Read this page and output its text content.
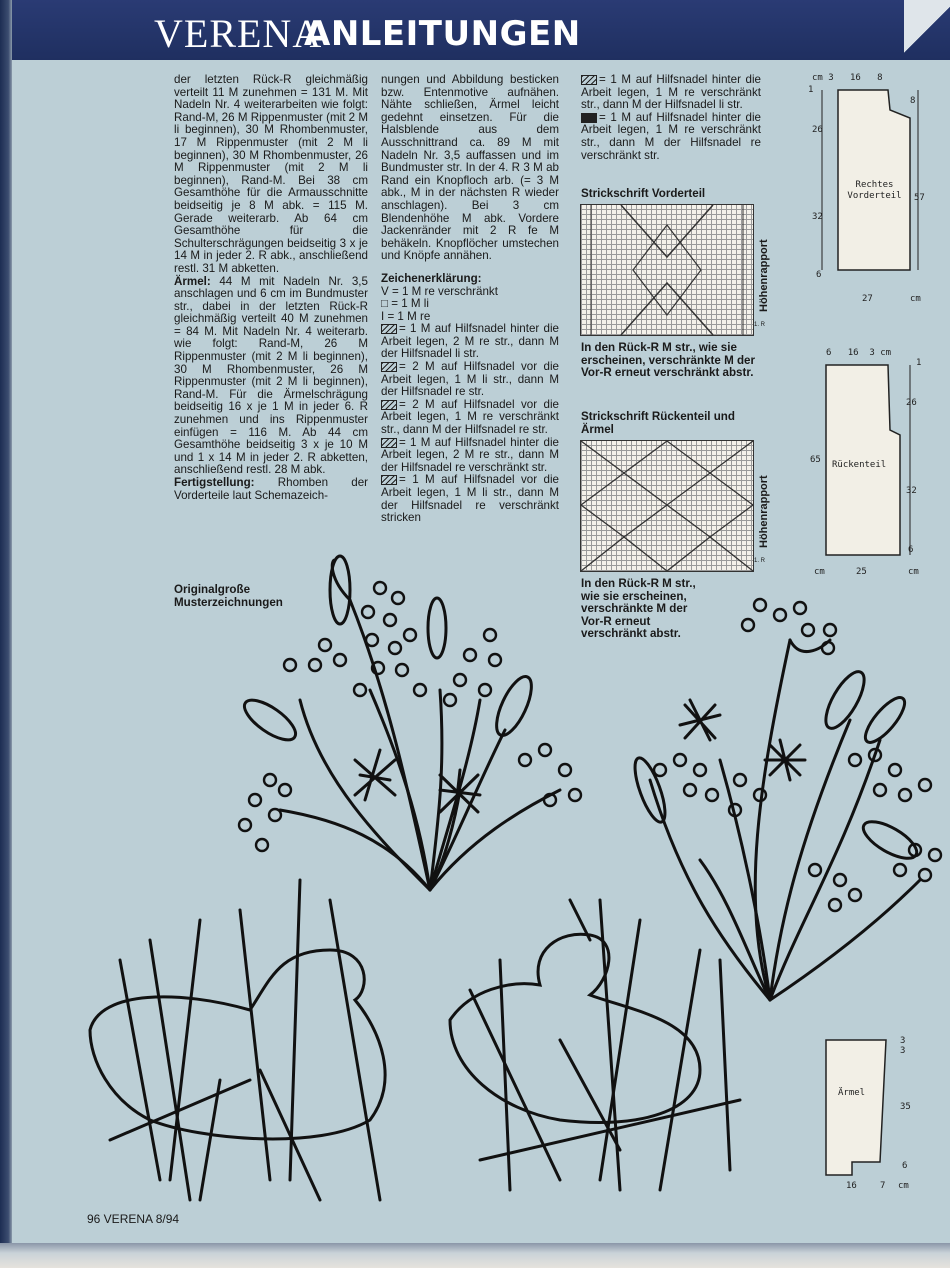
VERENA
ANLEITUNGEN

der letzten Rück-R gleichmäßig verteilt 11 M zunehmen = 131 M. Mit Nadeln Nr. 4 weiterarbeiten wie folgt: Rand-M, 26 M Rippenmuster (mit 2 M li beginnen), 30 M Rhombenmuster, 17 M Rippenmuster (mit 2 M li beginnen), 30 M Rhombenmuster, 26 M Rippenmuster (mit 2 M li beginnen), Rand-M. Bei 38 cm Gesamthöhe für die Armausschnitte beidseitig je 8 M abk. = 115 M. Gerade weiterarb. Ab 64 cm Gesamthöhe für die Schulterschrägungen beidseitig 3 x je 14 M in jeder 2. R abk., anschließend restl. 31 M abketten.

Ärmel: 44 M mit Nadeln Nr. 3,5 anschlagen und 6 cm im Bundmuster str., dabei in der letzten Rück-R gleichmäßig verteilt 40 M zunehmen = 84 M. Mit Nadeln Nr. 4 weiterarb. wie folgt: Rand-M, 26 M Rippenmuster (mit 2 M li beginnen), 30 M Rhombenmuster, 26 M Rippenmuster (mit 2 M li beginnen), Rand-M. Für die Ärmelschrägung beidseitig 16 x je 1 M in jeder 6. R zunehmen und ins Rippenmuster einfügen = 116 M. Ab 44 cm Gesamthöhe beidseitig 3 x je 10 M und 1 x 14 M in jeder 2. R abketten, anschließend restl. 28 M abk.

Fertigstellung: Rhomben der Vorderteile laut Schemazeich-

nungen und Abbildung besticken bzw. Entenmotive aufnähen. Nähte schließen, Ärmel leicht gedehnt einsetzen. Für die Halsblende aus dem Ausschnittrand ca. 89 M mit Nadeln Nr. 3,5 auffassen und im Bundmuster str. In der 4. R 3 M ab Rand ein Knopfloch arb. (= 3 M abk., M in der nächsten R wieder anschlagen). Bei 3 cm Blendenhöhe M abk. Vordere Jackenränder mit 2 R fe M behäkeln. Knopflöcher umstechen und Knöpfe annähen.

Zeichenerklärung:

V = 1 M re verschränkt

□ = 1 M li

I = 1 M re

= 1 M auf Hilfsnadel hinter die Arbeit legen, 2 M re str., dann M der Hilfsnadel li str.

= 2 M auf Hilfsnadel vor die Arbeit legen, 1 M li str., dann M der Hilfsnadel re str.

= 2 M auf Hilfsnadel vor die Arbeit legen, 1 M re verschränkt str., dann M der Hilfsnadel re str.

= 1 M auf Hilfsnadel hinter die Arbeit legen, 2 M re str., dann M der Hilfsnadel re verschränkt str.

= 1 M auf Hilfsnadel vor die Arbeit legen, 1 M li str., dann M der Hilfsnadel re verschränkt stricken

= 1 M auf Hilfsnadel hinter die Arbeit legen, 1 M re verschränkt str., dann M der Hilfsnadel li str.

= 1 M auf Hilfsnadel hinter die Arbeit legen, 1 M re verschränkt str., dann M der Hilfsnadel re verschränkt str.

Strickschrift Vorderteil
Höhenrapport
1. R
In den Rück-R M str., wie sie erscheinen, verschränkte M der Vor-R erneut verschränkt abstr.
Strickschrift Rückenteil und Ärmel
Höhenrapport
1. R
In den Rück-R M str., wie sie erscheinen, verschränkte M der Vor-R erneut verschränkt abstr.
cm 3 16 8
8
57
1
26
32
6
27	cm
Rechtes Vorderteil
6 16 3 cm
1
26
32
6
65
cm	25	cm
Rückenteil
3
3
35
6
16	7 cm
Ärmel
Originalgroße Musterzeichnungen
96 VERENA 8/94
